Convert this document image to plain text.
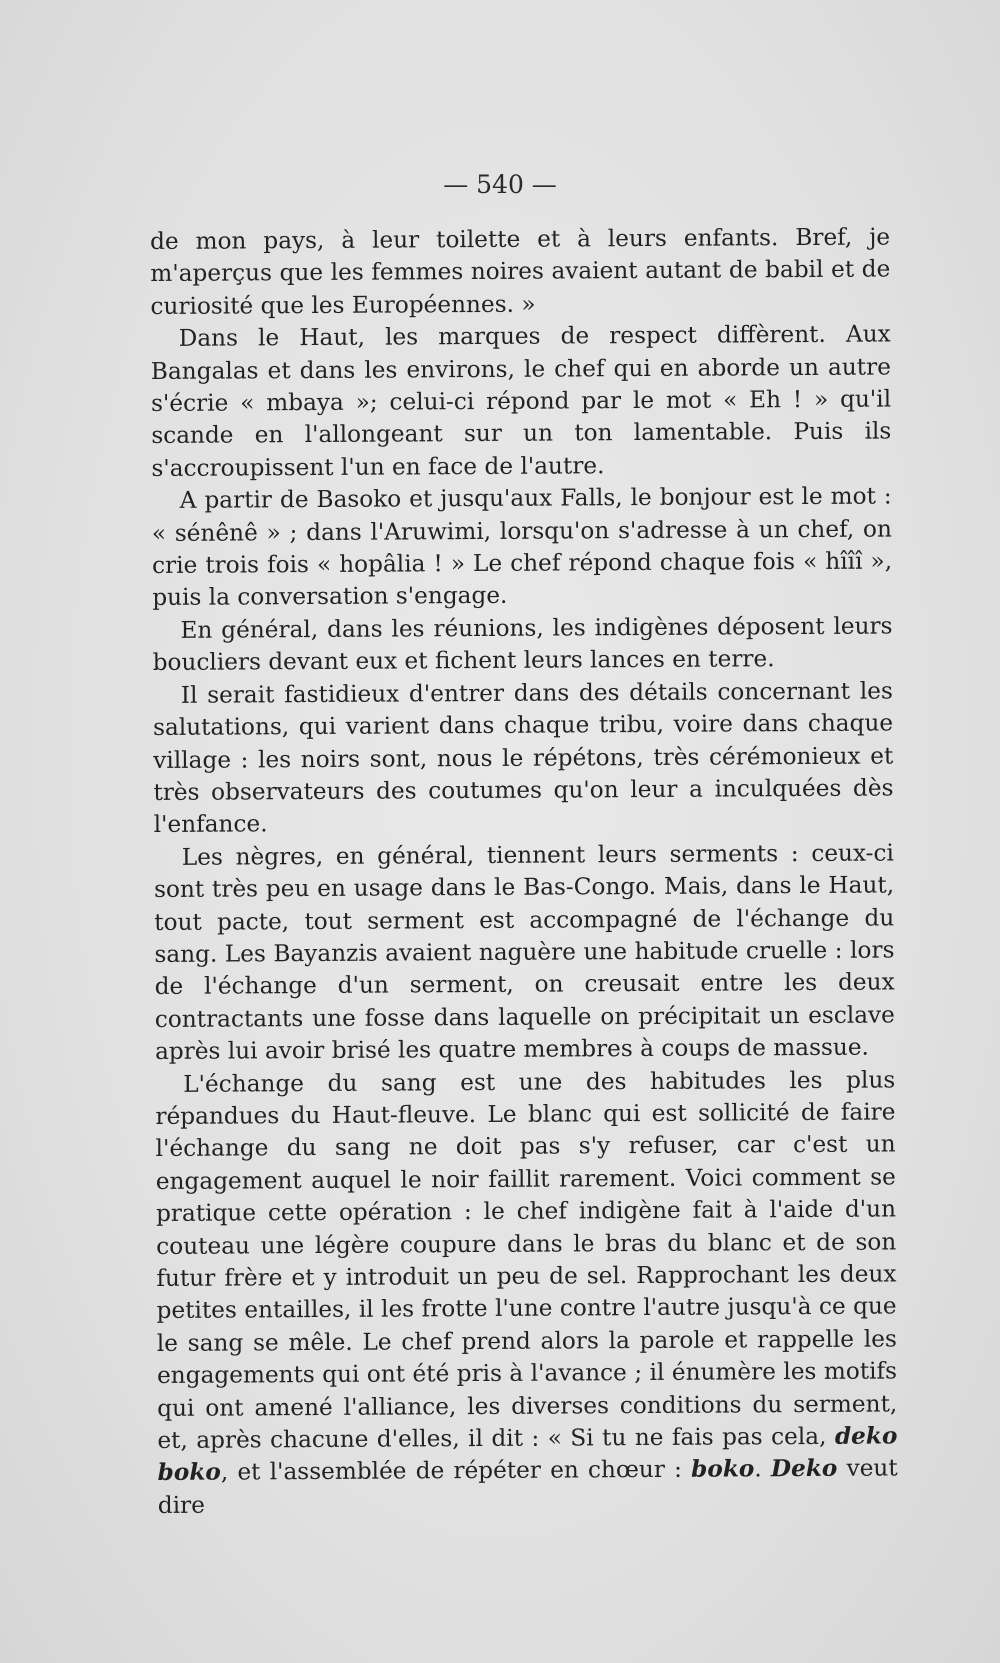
— 540 —

de mon pays, à leur toilette et à leurs enfants. Bref, je m'aperçus que les femmes noires avaient autant de babil et de curiosité que les Européennes. »

Dans le Haut, les marques de respect diffèrent. Aux Bangalas et dans les environs, le chef qui en aborde un autre s'écrie « mbaya »; celui-ci répond par le mot « Eh ! » qu'il scande en l'allongeant sur un ton lamentable. Puis ils s'accroupissent l'un en face de l'autre.

A partir de Basoko et jusqu'aux Falls, le bonjour est le mot : « sénênê » ; dans l'Aruwimi, lorsqu'on s'adresse à un chef, on crie trois fois « hopâlia ! » Le chef répond chaque fois « hîîî », puis la conversation s'engage.

En général, dans les réunions, les indigènes déposent leurs boucliers devant eux et fichent leurs lances en terre.

Il serait fastidieux d'entrer dans des détails concernant les salutations, qui varient dans chaque tribu, voire dans chaque village : les noirs sont, nous le répétons, très cérémonieux et très observateurs des coutumes qu'on leur a inculquées dès l'enfance.

Les nègres, en général, tiennent leurs serments : ceux-ci sont très peu en usage dans le Bas-Congo. Mais, dans le Haut, tout pacte, tout serment est accompagné de l'échange du sang. Les Bayanzis avaient naguère une habitude cruelle : lors de l'échange d'un serment, on creusait entre les deux contractants une fosse dans laquelle on précipitait un esclave après lui avoir brisé les quatre membres à coups de massue.

L'échange du sang est une des habitudes les plus répandues du Haut-fleuve. Le blanc qui est sollicité de faire l'échange du sang ne doit pas s'y refuser, car c'est un engagement auquel le noir faillit rarement. Voici comment se pratique cette opération : le chef indigène fait à l'aide d'un couteau une légère coupure dans le bras du blanc et de son futur frère et y introduit un peu de sel. Rapprochant les deux petites entailles, il les frotte l'une contre l'autre jusqu'à ce que le sang se mêle. Le chef prend alors la parole et rappelle les engagements qui ont été pris à l'avance ; il énumère les motifs qui ont amené l'alliance, les diverses conditions du serment, et, après chacune d'elles, il dit : « Si tu ne fais pas cela, deko boko, et l'assemblée de répéter en chœur : boko. Deko veut dire
